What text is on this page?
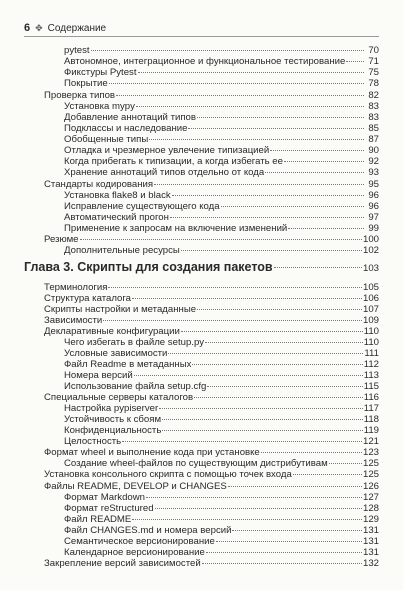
6 ✥ Содержание
pytest	70
Автономное, интеграционное и функциональное тестирование	71
Фикстуры Pytest	75
Покрытие	78
Проверка типов	82
Установка mypy	83
Добавление аннотаций типов	83
Подклассы и наследование	85
Обобщенные типы	87
Отладка и чрезмерное увлечение типизацией	90
Когда прибегать к типизации, а когда избегать ее	92
Хранение аннотаций типов отдельно от кода	93
Стандарты кодирования	95
Установка flake8 и black	96
Исправление существующего кода	96
Автоматический прогон	97
Применение к запросам на включение изменений	99
Резюме	100
Дополнительные ресурсы	102
Глава 3. Скрипты для создания пакетов	103
Терминология	105
Структура каталога	106
Скрипты настройки и метаданные	107
Зависимости	109
Декларативные конфигурации	110
Чего избегать в файле setup.py	110
Условные зависимости	111
Файл Readme в метаданных	112
Номера версий	113
Использование файла setup.cfg	115
Специальные серверы каталогов	116
Настройка pypiserver	117
Устойчивость к сбоям	118
Конфиденциальность	119
Целостность	121
Формат wheel и выполнение кода при установке	123
Создание wheel-файлов по существующим дистрибутивам	125
Установка консольного скрипта с помощью точек входа	125
Файлы README, DEVELOP и CHANGES	126
Формат Markdown	127
Формат reStructured	128
Файл README	129
Файл CHANGES.md и номера версий	131
Семантическое версионирование	131
Календарное версионирование	131
Закрепление версий зависимостей	132
